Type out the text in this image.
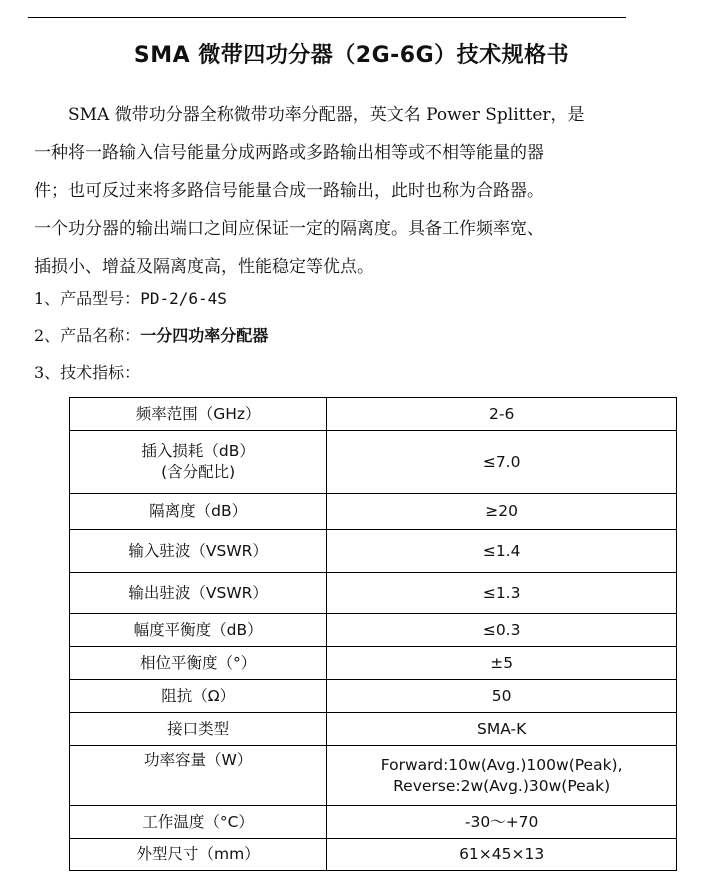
SMA 微带四功分器（2G-6G）技术规格书
SMA 微带功分器全称微带功率分配器，英文名 Power Splitter，是
一种将一路输入信号能量分成两路或多路输出相等或不相等能量的器
件；也可反过来将多路信号能量合成一路输出，此时也称为合路器。
一个功分器的输出端口之间应保证一定的隔离度。具备工作频率宽、
插损小、增益及隔离度高，性能稳定等优点。
1、产品型号：PD-2/6-4S
2、产品名称：一分四功率分配器
3、技术指标：
频率范围（GHz）	2-6
插入损耗（dB）
(含分配比)	≤7.0
隔离度（dB）	≥20
输入驻波（VSWR）	≤1.4
输出驻波（VSWR）	≤1.3
幅度平衡度（dB）	≤0.3
相位平衡度（°）	±5
阻抗（Ω）	50
接口类型	SMA-K
功率容量（W）	Forward:10w(Avg.)100w(Peak),
Reverse:2w(Avg.)30w(Peak)
工作温度（°C）	-30～+70
外型尺寸（mm）	61×45×13
